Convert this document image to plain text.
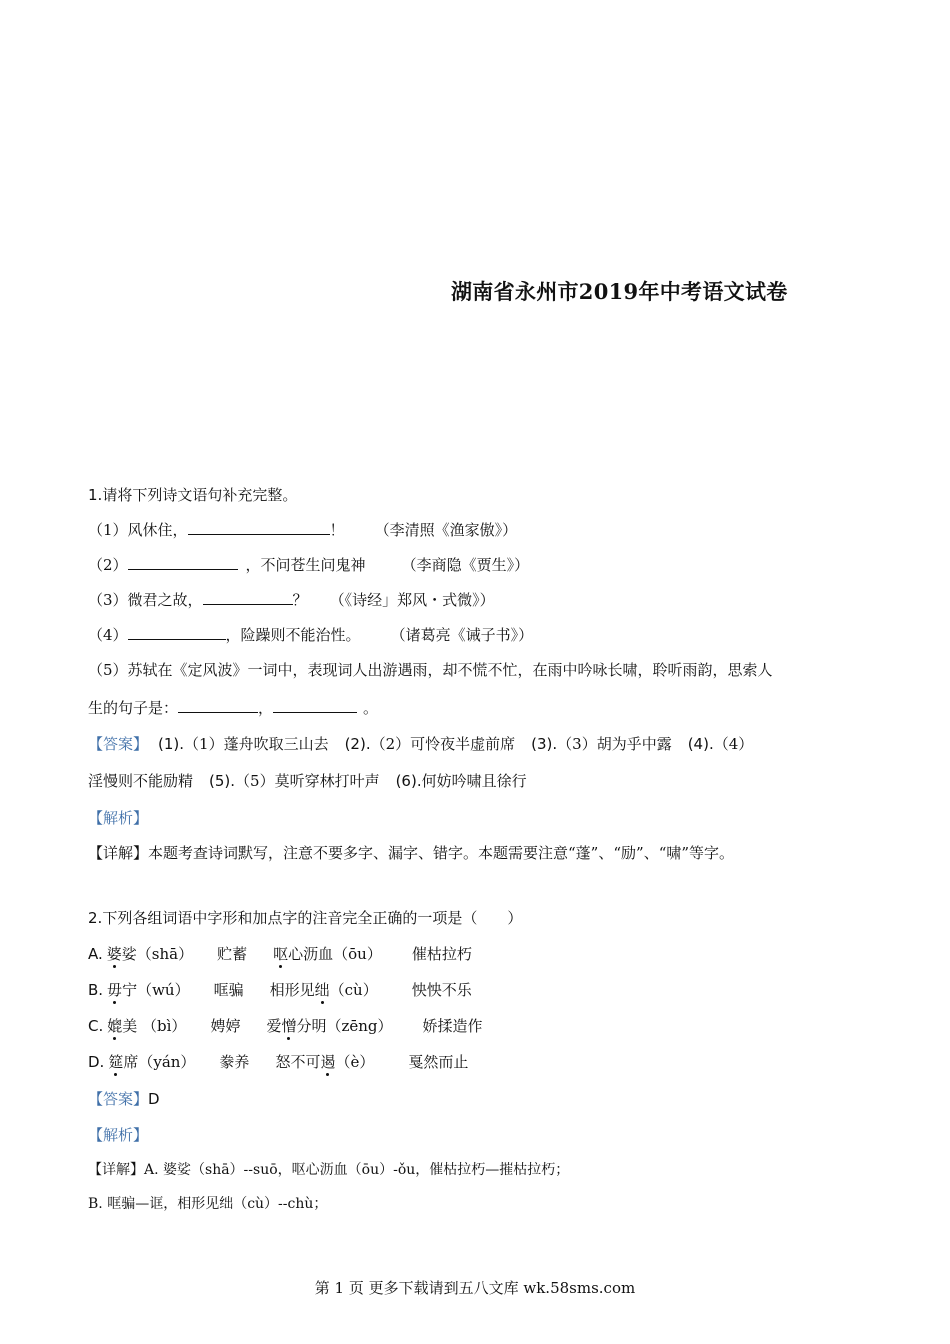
湖南省永州市2019年中考语文试卷
1.请将下列诗文语句补充完整。
（1）风休住，	！ （李清照《渔家傲》）
（2）	，不问苍生问鬼神 （李商隐《贾生》）
（3）微君之故，	？ （《诗经」郑风・式微》）
（4）	，险躁则不能治性。 （诸葛亮《诫子书》）
（5）苏轼在《定风波》一词中，表现词人出游遇雨，却不慌不忙，在雨中吟咏长啸，聆听雨韵，思索人
生的句子是：	，	。
【答案】 (1).（1）蓬舟吹取三山去 (2).（2）可怜夜半虚前席 (3).（3）胡为乎中露 (4).（4）
淫慢则不能励精 (5).（5）莫听穿林打叶声 (6).何妨吟啸且徐行
【解析】
【详解】本题考查诗词默写，注意不要多字、漏字、错字。本题需要注意“蓬”、“励”、“啸”等字。
2.下列各组词语中字形和加点字的注音完全正确的一项是（　　）
A. 婆娑（shā） 贮蓄 呕心沥血（ōu） 催枯拉朽
B. 毋宁（wú） 哐骗 相形见绌（cù） 怏怏不乐
C. 媲美 （bì） 娉婷 爱憎分明（zēng） 娇揉造作
D. 筵席（yán） 豢养 怒不可遏（è） 戛然而止
【答案】D
【解析】
【详解】A. 婆娑（shā）--suō，呕心沥血（ōu）-ǒu，催枯拉朽—摧枯拉朽；
B. 哐骗—诓，相形见绌（cù）--chù；
第 1 页 更多下载请到五八文库 wk.58sms.com
